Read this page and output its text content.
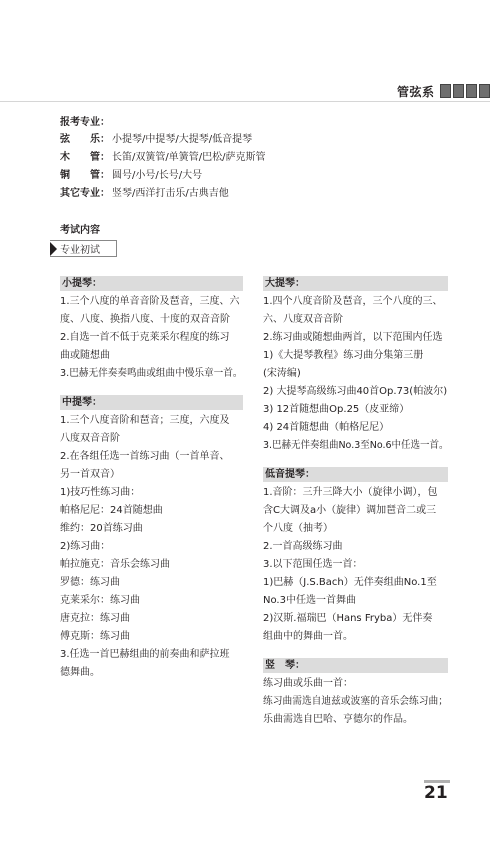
管弦系
报考专业：
弦　　乐： 小提琴/中提琴/大提琴/低音提琴
木　　管： 长笛/双簧管/单簧管/巴松/萨克斯管
铜　　管： 圆号/小号/长号/大号
其它专业： 竖琴/西洋打击乐/古典吉他
考试内容
专业初试
小提琴：
1.三个八度的单音音阶及琶音，三度、六
度、八度、换指八度、十度的双音音阶
2.自选一首不低于克莱采尔程度的练习
曲或随想曲
3.巴赫无伴奏奏鸣曲或组曲中慢乐章一首。
中提琴：
1.三个八度音阶和琶音；三度，六度及
八度双音音阶
2.在各组任选一首练习曲（一首单音、
另一首双音）
1)技巧性练习曲：
帕格尼尼：24首随想曲
维约：20首练习曲
2)练习曲：
帕拉施克：音乐会练习曲
罗德：练习曲
克莱采尔：练习曲
唐克拉：练习曲
傅克斯：练习曲
3.任选一首巴赫组曲的前奏曲和萨拉班
德舞曲。
大提琴：
1.四个八度音阶及琶音，三个八度的三、
六、八度双音音阶
2.练习曲或随想曲两首，以下范围内任选
1)《大提琴教程》练习曲分集第三册
(宋涛编)
2) 大提琴高级练习曲40首Op.73(帕波尔)
3) 12首随想曲Op.25（皮亚缔）
4) 24首随想曲（帕格尼尼）
3.巴赫无伴奏组曲No.3至No.6中任选一首。
低音提琴：
1.音阶：三升三降大小（旋律小调），包
含C大调及a小（旋律）调加琶音二或三
个八度（抽考）
2.一首高级练习曲
3.以下范围任选一首：
1)巴赫（J.S.Bach）无伴奏组曲No.1至
No.3中任选一首舞曲
2)汉斯.福瑞巴（Hans Fryba）无伴奏
组曲中的舞曲一首。
竖　琴：
练习曲或乐曲一首：
练习曲需选自迪兹或波塞的音乐会练习曲；
乐曲需选自巴哈、亨德尔的作品。
21
